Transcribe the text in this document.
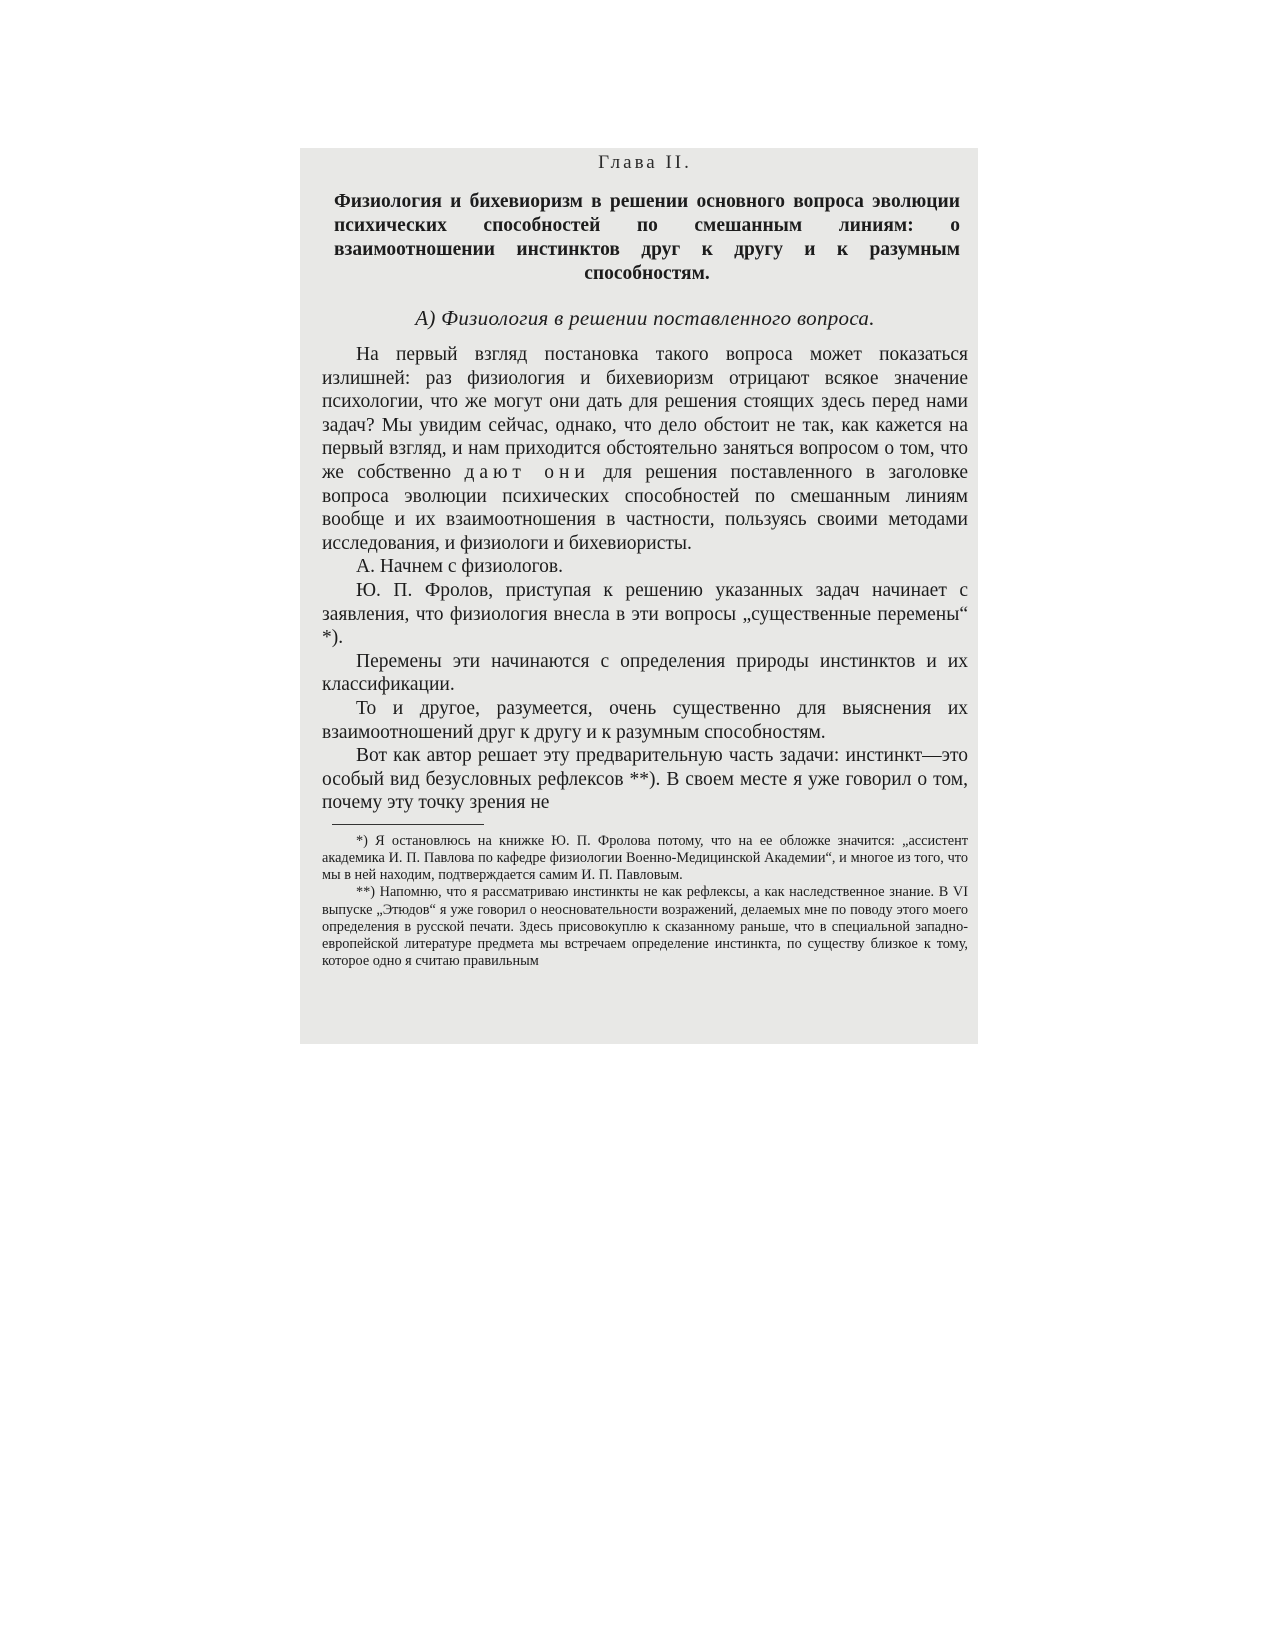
Глава II.
Физиология и бихевиоризм в решении основного вопроса эволюции психических способностей по смешанным линиям: о взаимоотношении инстинктов друг к другу и к разумным способностям.
А) Физиология в решении поставленного вопроса.

На первый взгляд постановка такого вопроса может показаться излишней: раз физиология и бихевиоризм отрицают всякое значение психологии, что же могут они дать для решения стоящих здесь перед нами задач? Мы увидим сейчас, однако, что дело обстоит не так, как кажется на первый взгляд, и нам приходится обстоятельно заняться вопросом о том, что же собственно дают они для решения поставленного в заголовке вопроса эволюции психических способностей по смешанным линиям вообще и их взаимоотношения в частности, пользуясь своими методами исследования, и физиологи и бихевиористы.

А. Начнем с физиологов.

Ю. П. Фролов, приступая к решению указанных задач начинает с заявления, что физиология внесла в эти вопросы „существенные перемены“ *).

Перемены эти начинаются с определения природы инстинктов и их классификации.

То и другое, разумеется, очень существенно для выяснения их взаимоотношений друг к другу и к разумным способностям.

Вот как автор решает эту предварительную часть задачи: инстинкт—это особый вид безусловных рефлексов **). В своем месте я уже говорил о том, почему эту точку зрения не

*) Я остановлюсь на книжке Ю. П. Фролова потому, что на ее обложке значится: „ассистент академика И. П. Павлова по кафедре физиологии Военно-Медицинской Академии“, и многое из того, что мы в ней находим, подтверждается самим И. П. Павловым.

**) Напомню, что я рассматриваю инстинкты не как рефлексы, а как наследственное знание. В VI выпуске „Этюдов“ я уже говорил о неосновательности возражений, делаемых мне по поводу этого моего определения в русской печати. Здесь присовокуплю к сказанному раньше, что в специальной западно-европейской литературе предмета мы встречаем определение инстинкта, по существу близкое к тому, которое одно я считаю правильным
